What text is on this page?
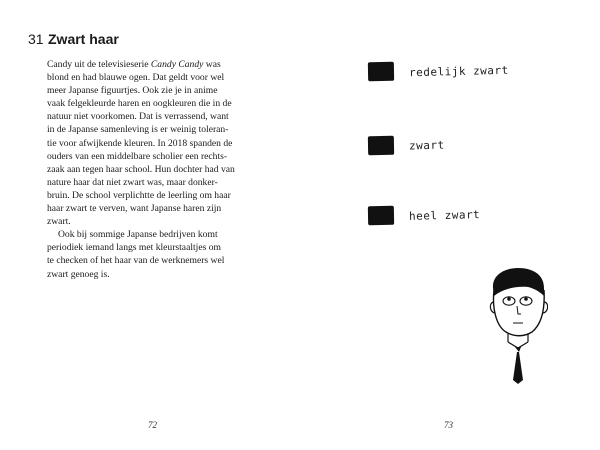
31 Zwart haar
Candy uit de televisieserie Candy Candy was
blond en had blauwe ogen. Dat geldt voor wel
meer Japanse figuurtjes. Ook zie je in anime
vaak felgekleurde haren en oogkleuren die in de
natuur niet voorkomen. Dat is verrassend, want
in de Japanse samenleving is er weinig toleran-
tie voor afwijkende kleuren. In 2018 spanden de
ouders van een middelbare scholier een rechts-
zaak aan tegen haar school. Hun dochter had van
nature haar dat niet zwart was, maar donker-
bruin. De school verplichtte de leerling om haar
haar zwart te verven, want Japanse haren zijn
zwart.
Ook bij sommige Japanse bedrijven komt
periodiek iemand langs met kleurstaaltjes om
te checken of het haar van de werknemers wel
zwart genoeg is.
72
redelijk zwart
zwart
heel zwart
73
